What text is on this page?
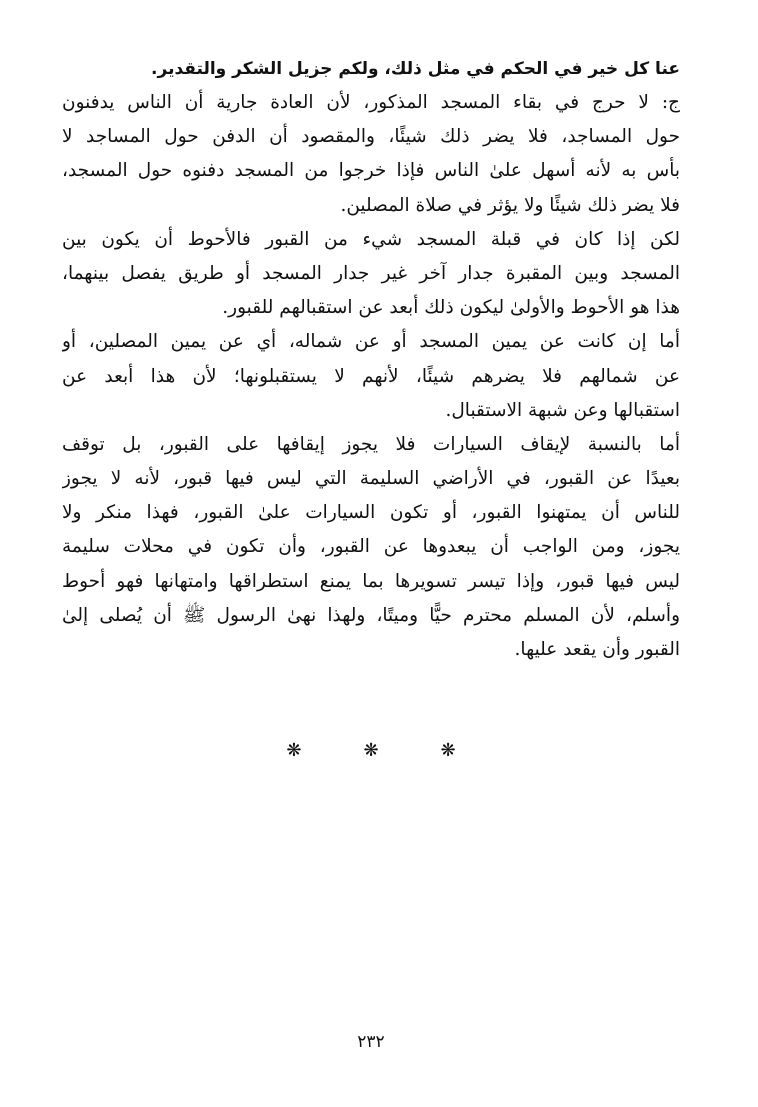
عنا كل خير في الحكم في مثل ذلك، ولكم جزيل الشكر والتقدير.

ج: لا حرج في بقاء المسجد المذكور، لأن العادة جارية أن الناس يدفنون
حول المساجد، فلا يضر ذلك شيئًا، والمقصود أن الدفن حول المساجد لا
بأس به لأنه أسهل علىٰ الناس فإذا خرجوا من المسجد دفنوه حول المسجد،
فلا يضر ذلك شيئًا ولا يؤثر في صلاة المصلين.

لكن إذا كان في قبلة المسجد شيء من القبور فالأحوط أن يكون بين
المسجد وبين المقبرة جدار آخر غير جدار المسجد أو طريق يفصل بينهما،
هذا هو الأحوط والأولىٰ ليكون ذلك أبعد عن استقبالهم للقبور.

أما إن كانت عن يمين المسجد أو عن شماله، أي عن يمين المصلين، أو
عن شمالهم فلا يضرهم شيئًا، لأنهم لا يستقبلونها؛ لأن هذا أبعد عن
استقبالها وعن شبهة الاستقبال.

أما بالنسبة لإيقاف السيارات فلا يجوز إيقافها على القبور، بل توقف
بعيدًا عن القبور، في الأراضي السليمة التي ليس فيها قبور، لأنه لا يجوز
للناس أن يمتهنوا القبور، أو تكون السيارات علىٰ القبور، فهذا منكر ولا
يجوز، ومن الواجب أن يبعدوها عن القبور، وأن تكون في محلات سليمة
ليس فيها قبور، وإذا تيسر تسويرها بما يمنع استطراقها وامتهانها فهو أحوط
وأسلم، لأن المسلم محترم حيًّا وميتًا، ولهذا نهىٰ الرسول ﷺ أن يُصلى إلىٰ
القبور وأن يقعد عليها.

❋	❋	❋
٢٣٢
